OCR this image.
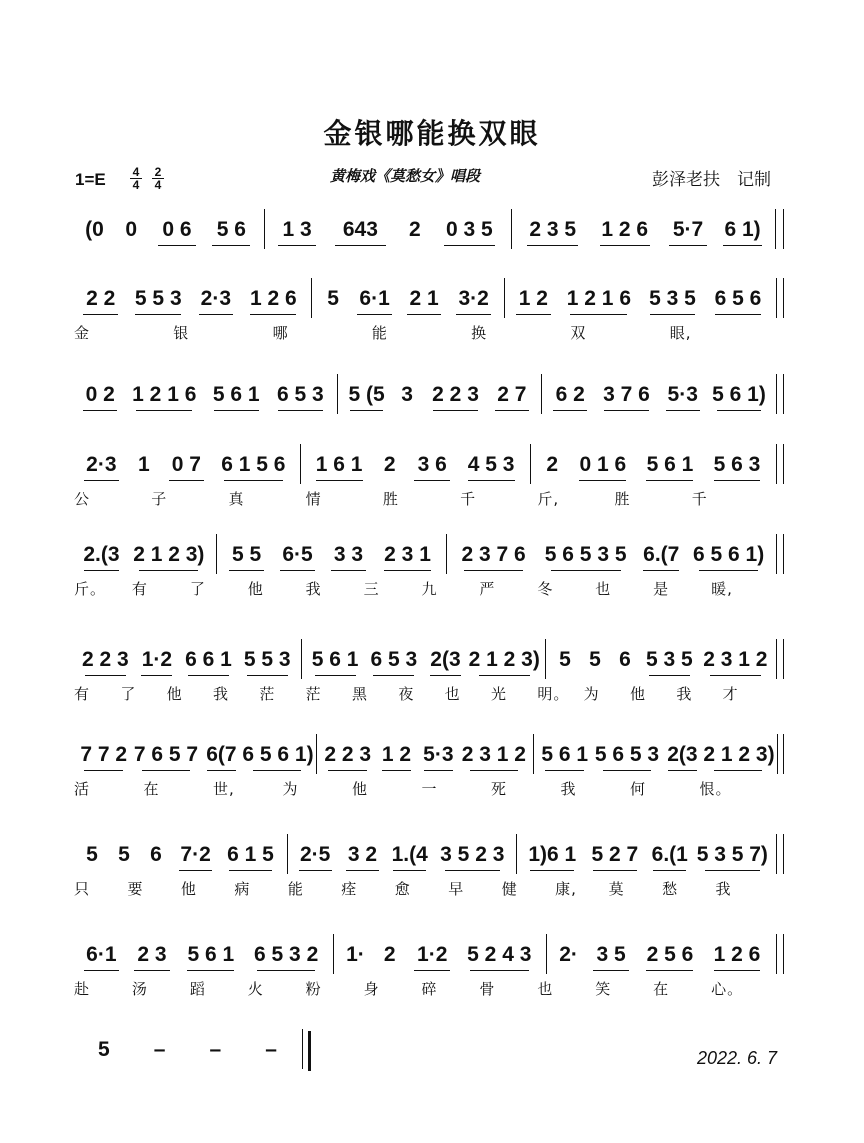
金银哪能换双眼
1=E 4
4
2
4	黄梅戏《莫愁女》唱段	彭泽老扶　记制
(0	0	0 6	5 6	1 3	643	2	0 3 5	2 3 5	1 2 6	5·7	6 1)
2 2 5 5 3 2·3 1 2 6	5 6·1 2 1 3·2	1 2 1 2 1 6 5 3 5 6 5 6
金	银	哪	能	换	双	眼,
0 2 1 2 1 6 5 6 1 6 5 3	5 (5 3 2 2 3 2 7	6 2 3 7 6 5·3 5 6 1)
2·3	1	0 7 6 1 5 6	1 6 1	2	3 6 4 5 3	2	0 1 6 5 6 1 5 6 3
公	子	真	情	胜	千	斤,	胜	千
2.(3 2 1 2 3)	5 5	6·5	3 3	2 3 1	2 3 7 6 5 6 5 3 5 6.(7 6 5 6 1)
斤。 有	了	他	我	三	九	严	冬	也	是	暖,
2 2 3 1·2 6 6 1 5 5 3 5 6 1 6 5 3 2(3 2 1 2 3) 5 5 6 5 3 5 2 3 1 2
有 了 他 我 茫 茫 黑 夜 也 光 明。 为 他 我 才
7 7 2 7 6 5 7 6(7 6 5 6 1) 2 2 3 1 2 5·3 2 3 1 2 5 6 1 5 6 5 3 2(3 2 1 2 3)
活	在	世,	为	他	一	死	我	何	恨。
5 5 6 7·2 6 1 5	2·5 3 2 1.(4 3 5 2 3	1)6 1 5 2 7 6.(1 5 3 5 7)
只 要 他 病 能 痊 愈 早 健 康, 莫 愁 我
6·1 2 3 5 6 1 6 5 3 2	1· 2	1·2 5 2 4 3	2· 3 5 2 5 6 1 2 6
赴	汤	蹈	火	粉	身	碎	骨	也	笑	在	心。
5	–	–	–	2022. 6. 7
